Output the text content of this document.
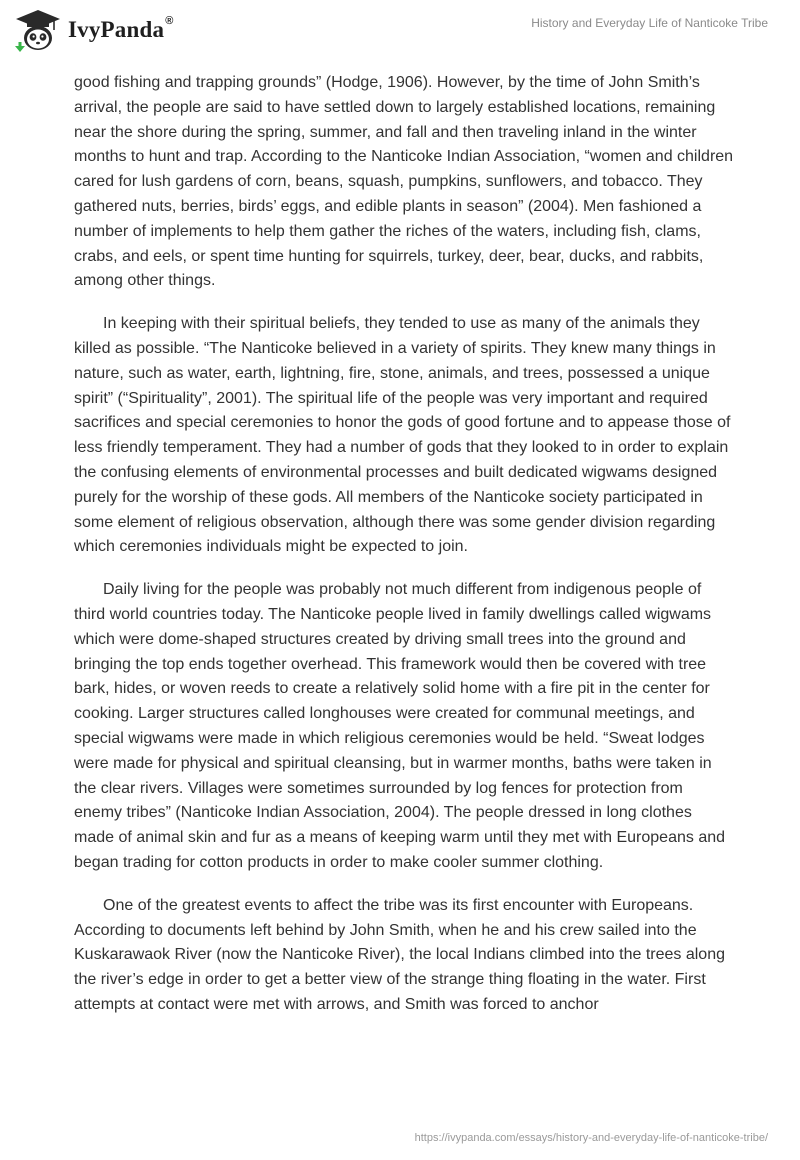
IvyPanda®	History and Everyday Life of Nanticoke Tribe

good fishing and trapping grounds” (Hodge, 1906). However, by the time of John Smith’s arrival, the people are said to have settled down to largely established locations, remaining near the shore during the spring, summer, and fall and then traveling inland in the winter months to hunt and trap. According to the Nanticoke Indian Association, “women and children cared for lush gardens of corn, beans, squash, pumpkins, sunflowers, and tobacco. They gathered nuts, berries, birds’ eggs, and edible plants in season” (2004). Men fashioned a number of implements to help them gather the riches of the waters, including fish, clams, crabs, and eels, or spent time hunting for squirrels, turkey, deer, bear, ducks, and rabbits, among other things.

In keeping with their spiritual beliefs, they tended to use as many of the animals they killed as possible. “The Nanticoke believed in a variety of spirits. They knew many things in nature, such as water, earth, lightning, fire, stone, animals, and trees, possessed a unique spirit” (“Spirituality”, 2001). The spiritual life of the people was very important and required sacrifices and special ceremonies to honor the gods of good fortune and to appease those of less friendly temperament. They had a number of gods that they looked to in order to explain the confusing elements of environmental processes and built dedicated wigwams designed purely for the worship of these gods. All members of the Nanticoke society participated in some element of religious observation, although there was some gender division regarding which ceremonies individuals might be expected to join.

Daily living for the people was probably not much different from indigenous people of third world countries today. The Nanticoke people lived in family dwellings called wigwams which were dome-shaped structures created by driving small trees into the ground and bringing the top ends together overhead. This framework would then be covered with tree bark, hides, or woven reeds to create a relatively solid home with a fire pit in the center for cooking. Larger structures called longhouses were created for communal meetings, and special wigwams were made in which religious ceremonies would be held. “Sweat lodges were made for physical and spiritual cleansing, but in warmer months, baths were taken in the clear rivers. Villages were sometimes surrounded by log fences for protection from enemy tribes” (Nanticoke Indian Association, 2004). The people dressed in long clothes made of animal skin and fur as a means of keeping warm until they met with Europeans and began trading for cotton products in order to make cooler summer clothing.

One of the greatest events to affect the tribe was its first encounter with Europeans. According to documents left behind by John Smith, when he and his crew sailed into the Kuskarawaok River (now the Nanticoke River), the local Indians climbed into the trees along the river’s edge in order to get a better view of the strange thing floating in the water. First attempts at contact were met with arrows, and Smith was forced to anchor

https://ivypanda.com/essays/history-and-everyday-life-of-nanticoke-tribe/
